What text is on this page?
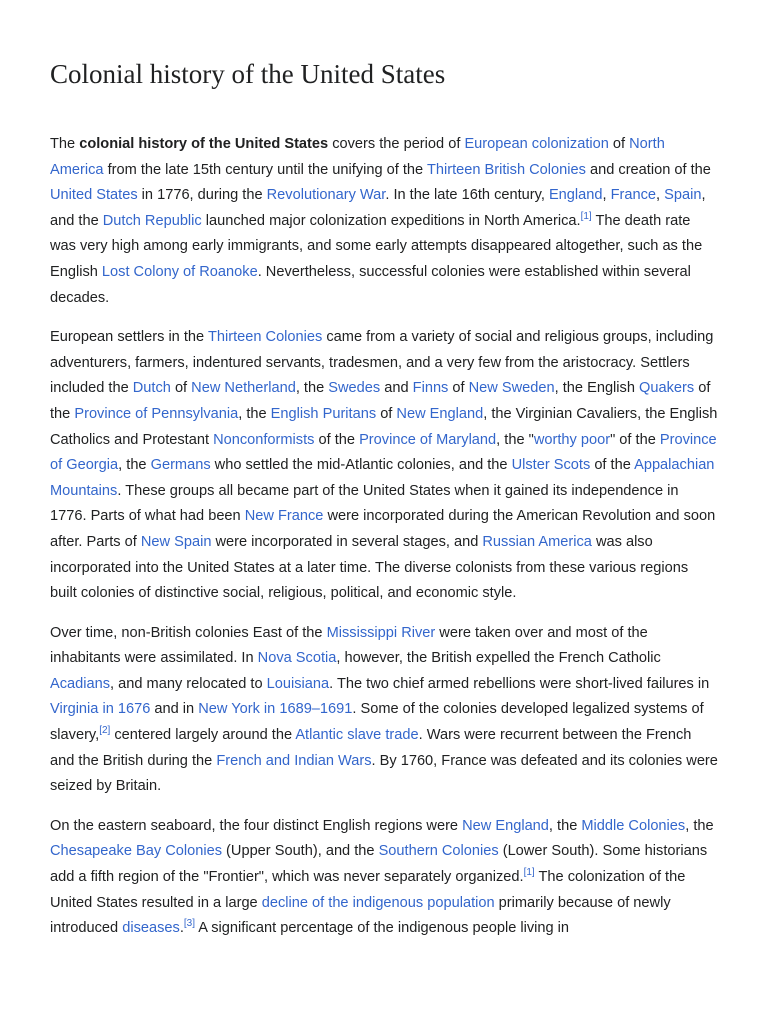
Colonial history of the United States

The colonial history of the United States covers the period of European colonization of North America from the late 15th century until the unifying of the Thirteen British Colonies and creation of the United States in 1776, during the Revolutionary War. In the late 16th century, England, France, Spain, and the Dutch Republic launched major colonization expeditions in North America.[1] The death rate was very high among early immigrants, and some early attempts disappeared altogether, such as the English Lost Colony of Roanoke. Nevertheless, successful colonies were established within several decades.

European settlers in the Thirteen Colonies came from a variety of social and religious groups, including adventurers, farmers, indentured servants, tradesmen, and a very few from the aristocracy. Settlers included the Dutch of New Netherland, the Swedes and Finns of New Sweden, the English Quakers of the Province of Pennsylvania, the English Puritans of New England, the Virginian Cavaliers, the English Catholics and Protestant Nonconformists of the Province of Maryland, the "worthy poor" of the Province of Georgia, the Germans who settled the mid-Atlantic colonies, and the Ulster Scots of the Appalachian Mountains. These groups all became part of the United States when it gained its independence in 1776. Parts of what had been New France were incorporated during the American Revolution and soon after. Parts of New Spain were incorporated in several stages, and Russian America was also incorporated into the United States at a later time. The diverse colonists from these various regions built colonies of distinctive social, religious, political, and economic style.

Over time, non-British colonies East of the Mississippi River were taken over and most of the inhabitants were assimilated. In Nova Scotia, however, the British expelled the French Catholic Acadians, and many relocated to Louisiana. The two chief armed rebellions were short-lived failures in Virginia in 1676 and in New York in 1689–1691. Some of the colonies developed legalized systems of slavery,[2] centered largely around the Atlantic slave trade. Wars were recurrent between the French and the British during the French and Indian Wars. By 1760, France was defeated and its colonies were seized by Britain.

On the eastern seaboard, the four distinct English regions were New England, the Middle Colonies, the Chesapeake Bay Colonies (Upper South), and the Southern Colonies (Lower South). Some historians add a fifth region of the "Frontier", which was never separately organized.[1] The colonization of the United States resulted in a large decline of the indigenous population primarily because of newly introduced diseases.[3] A significant percentage of the indigenous people living in
